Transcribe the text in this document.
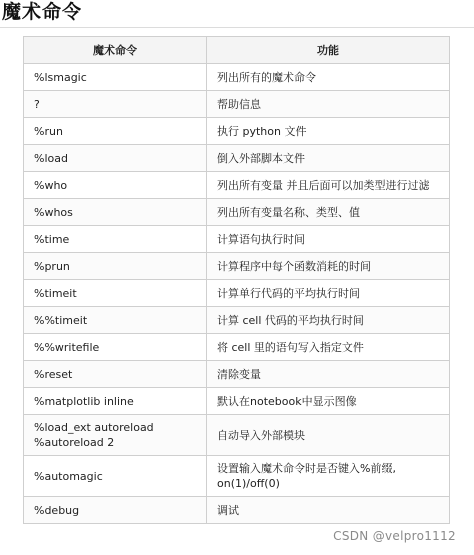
魔术命令
魔术命令	功能

%lsmagic	列出所有的魔术命令

?	帮助信息

%run	执行 python 文件

%load	倒入外部脚本文件

%who	列出所有变量 并且后面可以加类型进行过滤

%whos	列出所有变量名称、类型、值

%time	计算语句执行时间

%prun	计算程序中每个函数消耗的时间

%timeit	计算单行代码的平均执行时间

%%timeit	计算 cell 代码的平均执行时间

%%writefile	将 cell 里的语句写入指定文件

%reset	清除变量

%matplotlib inline	默认在notebook中显示图像

%load_ext autoreload
%autoreload 2	自动导入外部模块

%automagic	设置输入魔术命令时是否键入%前缀,
on(1)/off(0)

%debug	调试
CSDN @velpro1112
